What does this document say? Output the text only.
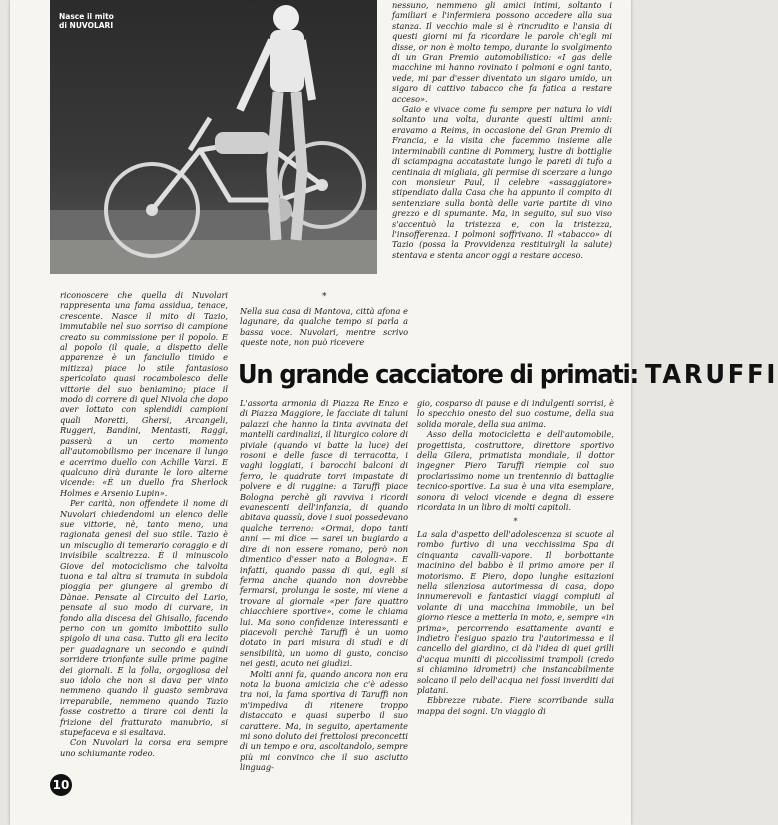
Nasce il mito
di NUVOLARI

nessuno, nemmeno gli amici intimi, soltanto i familiari e l'infermiera possono accedere alla sua stanza. Il vecchio male si è rincrudito e l'ansia di questi giorni mi fa ricordare le parole ch'egli mi disse, or non è molto tempo, durante lo svolgimento di un Gran Premio automobilistico: «I gas delle macchine mi hanno rovinato i polmoni e ogni tanto, vede, mi par d'esser diventato un sigaro umido, un sigaro di cattivo tabacco che fa fatica a restare acceso».

Gaio e vivace come fu sempre per natura lo vidi soltanto una volta, durante questi ultimi anni: eravamo a Reims, in occasione del Gran Premio di Francia, e la visita che facemmo insieme alle interminabili cantine di Pommery, lustre di bottiglie di sciampagna accatastate lungo le pareti di tufo a centinaia di migliaia, gli permise di scerzare a lungo con monsieur Paul, il celebre «assaggiatore» stipendiato dalla Casa che ha appunto il compito di sentenziare sulla bontà delle varie partite di vino grezzo e di spumante. Ma, in seguito, sul suo viso s'accentuò la tristezza e, con la tristezza, l'insofferenza. I polmoni soffrivano. Il «tabacco» di Tazio (possa la Provvidenza restituirgli la salute) stentava e stenta ancor oggi a restare acceso.

riconoscere che quella di Nuvolari rappresenta una fama assidua, tenace, crescente. Nasce il mito di Tazio, immutabile nel suo sorriso di campione creato su commissione per il popolo. E al popolo (il quale, a dispetto delle apparenze è un fanciullo timido e mitizza) piace lo stile fantasioso spericolato quasi rocambolesco delle vittorie del suo beniamino; piace il modo di correre di quel Nivola che dopo aver lottato con splendidi campioni quali Moretti, Ghersi, Arcangeli, Ruggeri, Bandini, Mentasti, Raggi, passerà a un certo momento all'automobilismo per incenare il lungo e acerrimo duello con Achille Varzi. E qualcuno dirà durante le loro alterne vicende: «È un duello fra Sherlock Holmes e Arsenio Lupin».

Per carità, non offendete il nome di Nuvolari chiedendomi un elenco delle sue vittorie, nè, tanto meno, una ragionata genesi del suo stile. Tazio è un miscuglio di temerario coraggio e di invisibile scaltrezza. È il minuscolo Giove del motociclismo che talvolta tuona e tal altra si tramuta in subdola pioggia per giungere al grembo di Dànae. Pensate al Circuito del Lario, pensate al suo modo di curvare, in fondo alla discesa del Ghisallo, facendo perno con un gomito imbottito sullo spigolo di una casa. Tutto gli era lecito per guadagnare un secondo e quindi sorridere trionfante sulle prime pagine dei giornali. E la folla, orgogliosa del suo idolo che non si dava per vinto nemmeno quando il guasto sembrava irreparabile, nemmeno quando Tazio fosse costretto a tirare coi denti la frizione del fratturato manubrio, si stupefaceva e si esaltava.

Con Nuvolari la corsa era sempre uno schiumante rodeo.

*

Nella sua casa di Mantova, città afona e lagunare, da qualche tempo si parla a bassa voce. Nuvolari, mentre scrivo queste note, non può ricevere

Un grande cacciatore di primati: TARUFFI

L'assorta armonia di Piazza Re Enzo e di Piazza Maggiore, le facciate di taluni palazzi che hanno la tinta avvinata dei mantelli cardinalizi, il liturgico colore di piviale (quando vi batte la luce) dei rosoni e delle fasce di terracotta, i vaghi loggiati, i barocchi balconi di ferro, le quadrate torri impastate di polvere e di ruggine: a Taruffi piace Bologna perchè gli ravviva i ricordi evanescenti dell'infanzia, di quando abitava quassù, dove i suoi possedevano qualche terreno: «Ormai, dopo tanti anni — mi dice — sarei un bugiardo a dire di non essere romano, però non dimentico d'esser nato a Bologna». E infatti, quando passa di qui, egli si ferma anche quando non dovrebbe fermarsi, prolunga le soste, mi viene a trovare al giornale «per fare quattro chiacchiere sportive», come le chiama lui. Ma sono confidenze interessanti e piacevoli perchè Taruffi è un uomo dotato in pari misura di studi e di sensibilità, un uomo di gusto, conciso nei gesti, acuto nei giudizi.

Molti anni fa, quando ancora non era nota la buona amicizia che c'è adesso tra noi, la fama sportiva di Taruffi non m'impediva di ritenere troppo distaccato e quasi superbo il suo carattere. Ma, in seguito, apertamente mi sono doluto dei frettolosi preconcetti di un tempo e ora, ascoltandolo, sempre più mi convinco che il suo asciutto linguag-

gio, cosparso di pause e di indulgenti sorrisi, è lo specchio onesto del suo costume, della sua solida morale, della sua anima.

Asso della motocicletta e dell'automobile, progettista, costruttore, direttore sportivo della Gilera, primatista mondiale, il dottor ingegner Piero Taruffi riempie col suo proclarissimo nome un trentennio di battaglie tecnico-sportive. La sua è una vita esemplare, sonora di veloci vicende e degna di essere ricordata in un libro di molti capitoli.

*

La sala d'aspetto dell'adolescenza si scuote al rombo furtivo di una vecchissima Spa di cinquanta cavalli-vapore. Il borbottante macinino del babbo è il primo amore per il motorismo. E Piero, dopo lunghe esitazioni nella silenziosa autorimessa di casa, dopo innumerevoli e fantastici viaggi compiuti al volante di una macchina immobile, un bel giorno riesce a metterla in moto, e, sempre «in prima», percorrendo esattamente avanti e indietro l'esiguo spazio tra l'autorimessa e il cancello del giardino, ci dà l'idea di quei grilli d'acqua muniti di piccolissimi trampoli (credo si chiamino idrometri) che instancabilmente solcano il pelo dell'acqua nei fossi inverditi dai platani.

Ebbrezze rubate. Fiere scorribande sulla mappa dei sogni. Un viaggio di

10
